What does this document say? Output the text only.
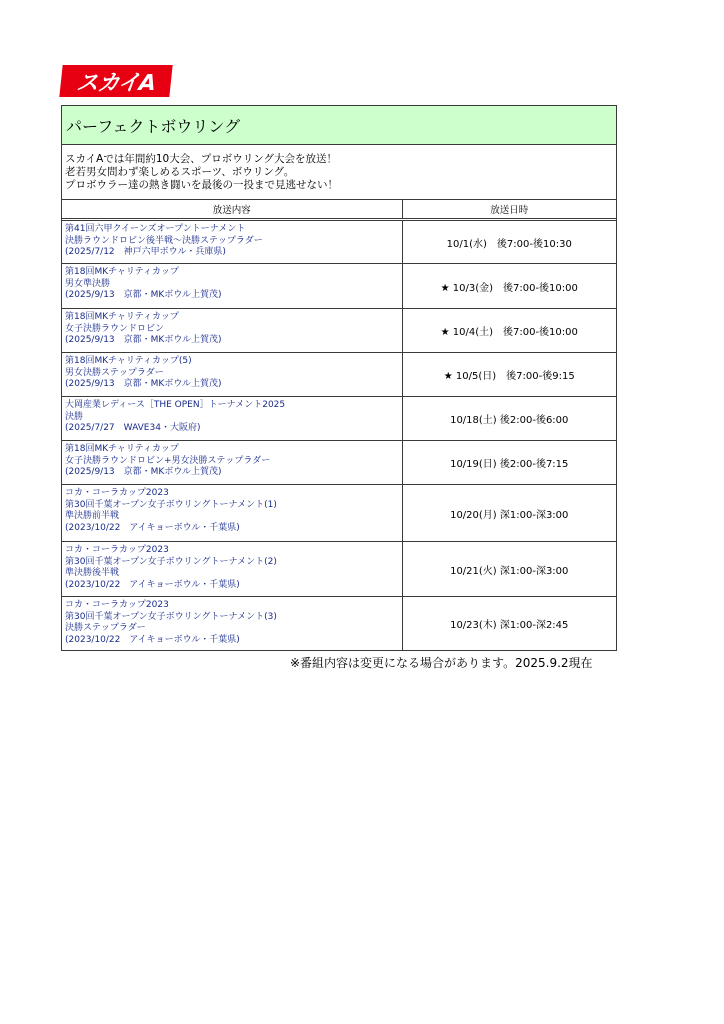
スカイA
パーフェクトボウリング
スカイAでは年間約10大会、プロボウリング大会を放送！
老若男女問わず楽しめるスポーツ、ボウリング。
プロボウラー達の熱き闘いを最後の一投まで見逃せない！
放送内容	放送日時

第41回六甲クイーンズオープントーナメント
決勝ラウンドロビン後半戦～決勝ステップラダー
(2025/7/12　神戸六甲ボウル・兵庫県)	10/1(水)　後7:00-後10:30

第18回MKチャリティカップ
男女準決勝
(2025/9/13　京都・MKボウル上賀茂)	★ 10/3(金)　後7:00-後10:00

第18回MKチャリティカップ
女子決勝ラウンドロビン
(2025/9/13　京都・MKボウル上賀茂)	★ 10/4(土)　後7:00-後10:00

第18回MKチャリティカップ(5)
男女決勝ステップラダー
(2025/9/13　京都・MKボウル上賀茂)	★ 10/5(日)　後7:00-後9:15

大岡産業レディース［THE OPEN］トーナメント2025
決勝
(2025/7/27　WAVE34・大阪府)	10/18(土) 後2:00-後6:00

第18回MKチャリティカップ
女子決勝ラウンドロビン+男女決勝ステップラダー
(2025/9/13　京都・MKボウル上賀茂)	10/19(日) 後2:00-後7:15

コカ・コーラカップ2023
第30回千葉オープン女子ボウリングトーナメント(1)
準決勝前半戦
(2023/10/22　アイキョーボウル・千葉県)	10/20(月) 深1:00-深3:00

コカ・コーラカップ2023
第30回千葉オープン女子ボウリングトーナメント(2)
準決勝後半戦
(2023/10/22　アイキョーボウル・千葉県)	10/21(火) 深1:00-深3:00

コカ・コーラカップ2023
第30回千葉オープン女子ボウリングトーナメント(3)
決勝ステップラダー
(2023/10/22　アイキョーボウル・千葉県)	10/23(木) 深1:00-深2:45
※番組内容は変更になる場合があります。2025.9.2現在
